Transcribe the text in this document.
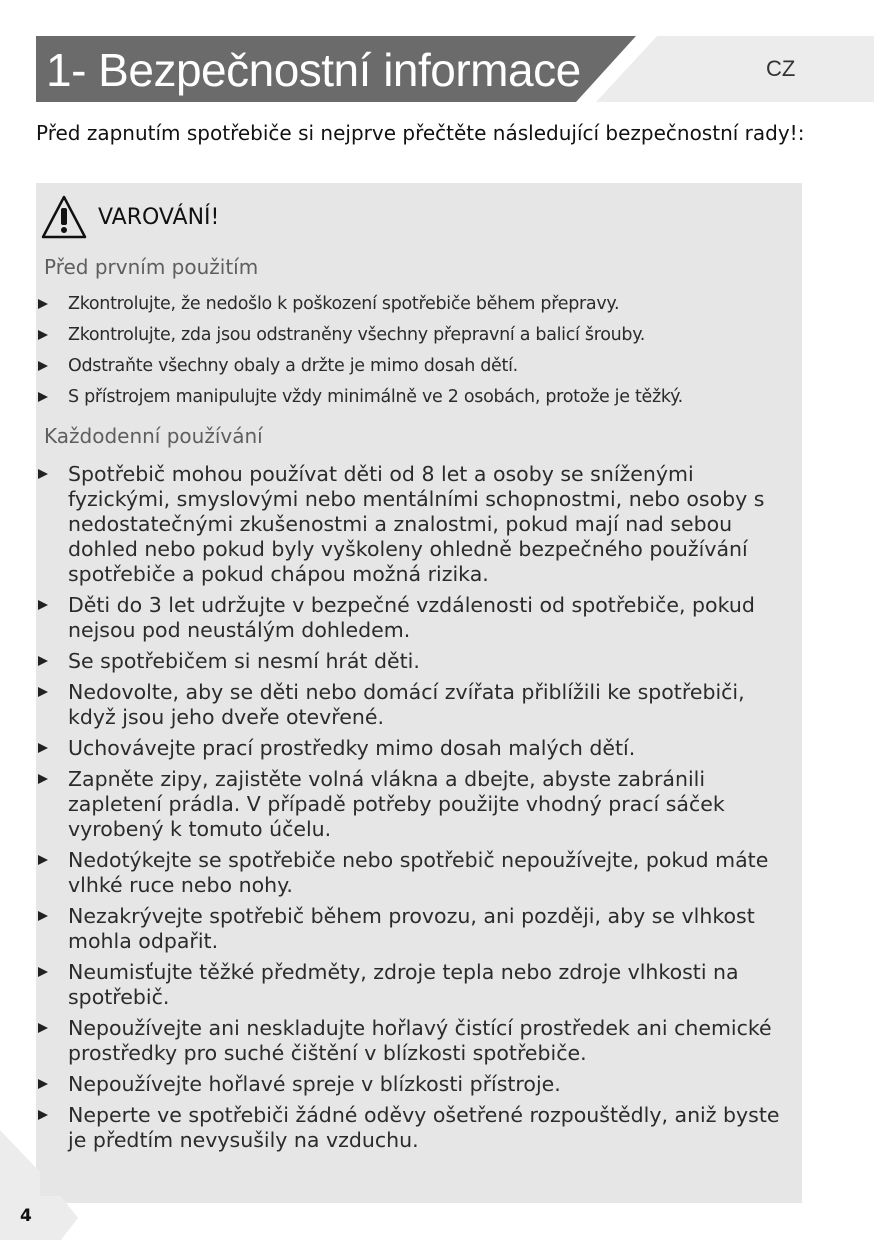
1- Bezpečnostní informace	CZ
Před zapnutím spotřebiče si nejprve přečtěte následující bezpečnostní rady!:
VAROVÁNÍ!
Před prvním použitím
Zkontrolujte, že nedošlo k poškození spotřebiče během přepravy.
Zkontrolujte, zda jsou odstraněny všechny přepravní a balicí šrouby.
Odstraňte všechny obaly a držte je mimo dosah dětí.
S přístrojem manipulujte vždy minimálně ve 2 osobách, protože je těžký.
Každodenní používání
Spotřebič mohou používat děti od 8 let a osoby se sníženými fyzickými, smyslovými nebo mentálními schopnostmi, nebo osoby s nedostatečnými zkušenostmi a znalostmi, pokud mají nad sebou dohled nebo pokud byly vyškoleny ohledně bezpečného používání spotřebiče a pokud chápou možná rizika.
Děti do 3 let udržujte v bezpečné vzdálenosti od spotřebiče, pokud nejsou pod neustálým dohledem.
Se spotřebičem si nesmí hrát děti.
Nedovolte, aby se děti nebo domácí zvířata přiblížili ke spotřebiči, když jsou jeho dveře otevřené.
Uchovávejte prací prostředky mimo dosah malých dětí.
Zapněte zipy, zajistěte volná vlákna a dbejte, abyste zabránili zapletení prádla. V případě potřeby použijte vhodný prací sáček vyrobený k tomuto účelu.
Nedotýkejte se spotřebiče nebo spotřebič nepoužívejte, pokud máte vlhké ruce nebo nohy.
Nezakrývejte spotřebič během provozu, ani později, aby se vlhkost mohla odpařit.
Neumisťujte těžké předměty, zdroje tepla nebo zdroje vlhkosti na spotřebič.
Nepoužívejte ani neskladujte hořlavý čistící prostředek ani chemické prostředky pro suché čištění v blízkosti spotřebiče.
Nepoužívejte hořlavé spreje v blízkosti přístroje.
Neperte ve spotřebiči žádné oděvy ošetřené rozpouštědly, aniž byste je předtím nevysušily na vzduchu.
4
